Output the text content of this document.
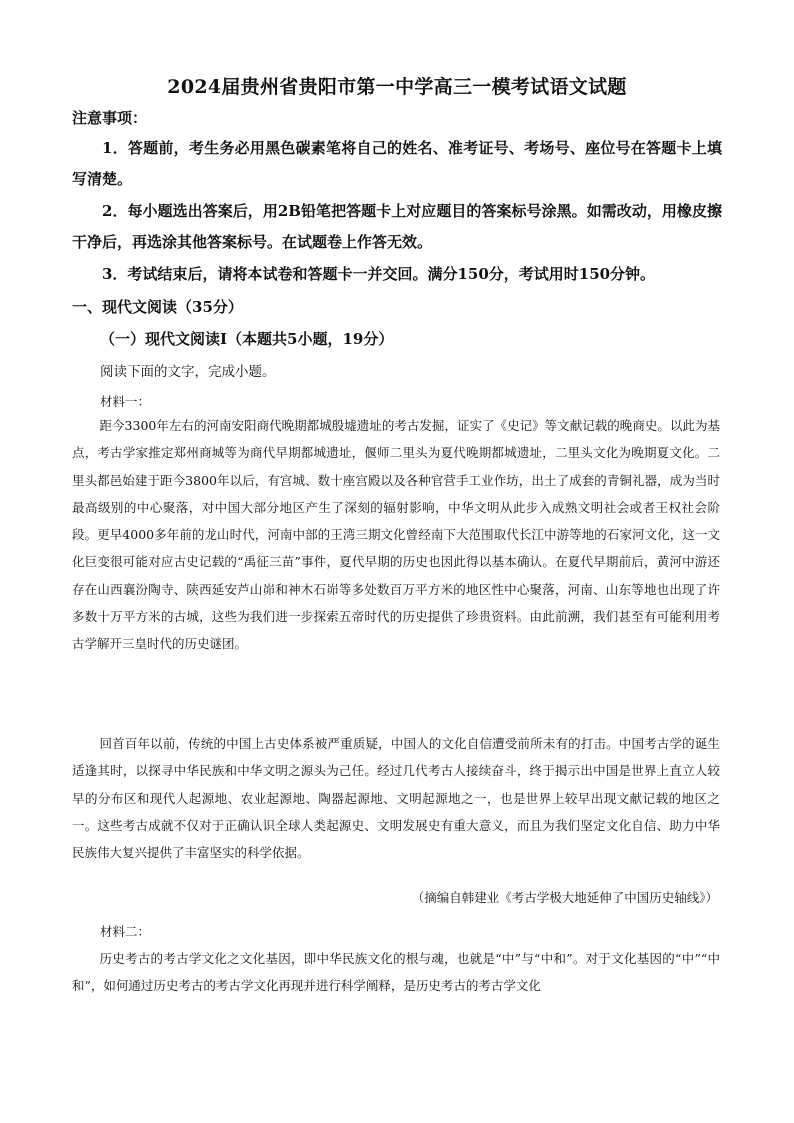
2024届贵州省贵阳市第一中学高三一模考试语文试题
注意事项：
1．答题前，考生务必用黑色碳素笔将自己的姓名、准考证号、考场号、座位号在答题卡上填写清楚。
2．每小题选出答案后，用2B铅笔把答题卡上对应题目的答案标号涂黑。如需改动，用橡皮擦干净后，再选涂其他答案标号。在试题卷上作答无效。
3．考试结束后，请将本试卷和答题卡一并交回。满分150分，考试用时150分钟。
一、现代文阅读（35分）
（一）现代文阅读Ⅰ（本题共5小题，19分）
阅读下面的文字，完成小题。
材料一：
距今3300年左右的河南安阳商代晚期都城殷墟遗址的考古发掘，证实了《史记》等文献记载的晚商史。以此为基点，考古学家推定郑州商城等为商代早期都城遗址，偃师二里头为夏代晚期都城遗址，二里头文化为晚期夏文化。二里头都邑始建于距今3800年以后，有宫城、数十座宫殿以及各种官营手工业作坊，出土了成套的青铜礼器，成为当时最高级别的中心聚落，对中国大部分地区产生了深刻的辐射影响，中华文明从此步入成熟文明社会或者王权社会阶段。更早4000多年前的龙山时代，河南中部的王湾三期文化曾经南下大范围取代长江中游等地的石家河文化，这一文化巨变很可能对应古史记载的“禹征三苗”事件，夏代早期的历史也因此得以基本确认。在夏代早期前后，黄河中游还存在山西襄汾陶寺、陕西延安芦山峁和神木石峁等多处数百万平方米的地区性中心聚落，河南、山东等地也出现了许多数十万平方米的古城，这些为我们进一步探索五帝时代的历史提供了珍贵资料。由此前溯，我们甚至有可能利用考古学解开三皇时代的历史谜团。
回首百年以前，传统的中国上古史体系被严重质疑，中国人的文化自信遭受前所未有的打击。中国考古学的诞生适逢其时，以探寻中华民族和中华文明之源头为己任。经过几代考古人接续奋斗，终于揭示出中国是世界上直立人较早的分布区和现代人起源地、农业起源地、陶器起源地、文明起源地之一，也是世界上较早出现文献记载的地区之一。这些考古成就不仅对于正确认识全球人类起源史、文明发展史有重大意义，而且为我们坚定文化自信、助力中华民族伟大复兴提供了丰富坚实的科学依据。
（摘编自韩建业《考古学极大地延伸了中国历史轴线》）
材料二：
历史考古的考古学文化之文化基因，即中华民族文化的根与魂，也就是“中”与“中和”。对于文化基因的“中”“中和”，如何通过历史考古的考古学文化再现并进行科学阐释，是历史考古的考古学文化
